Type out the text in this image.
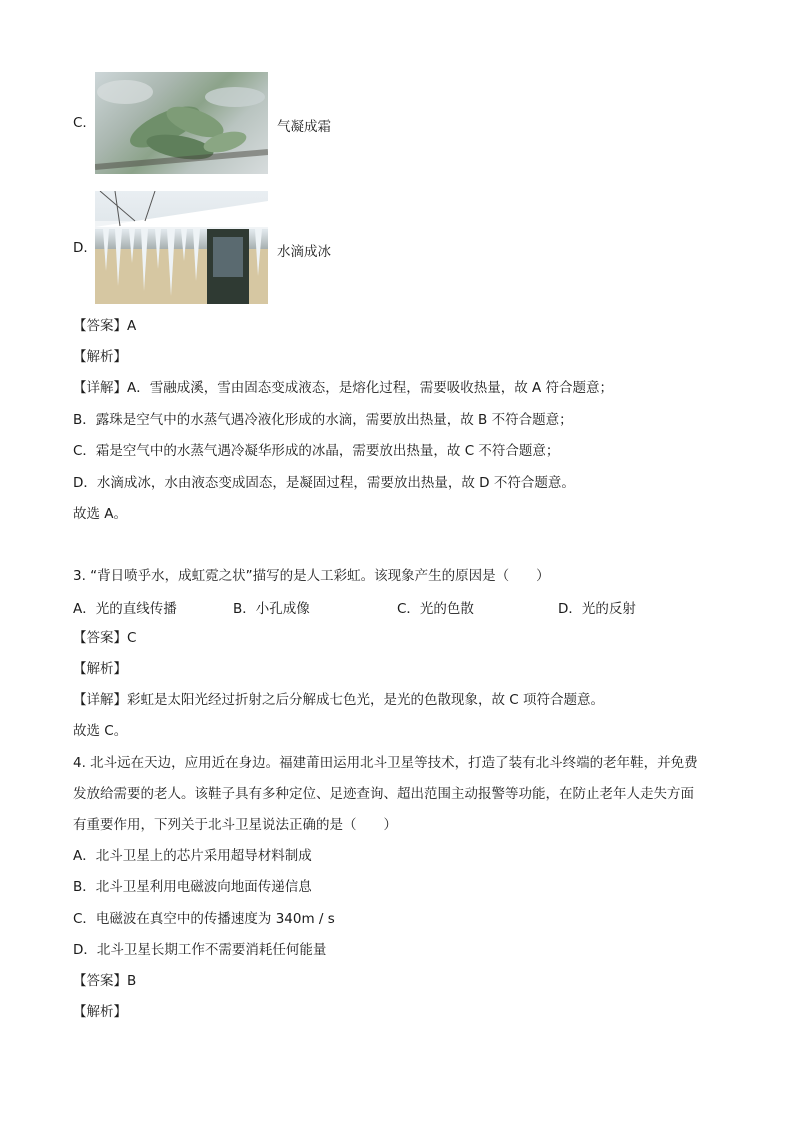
C.	气凝成霜
D.	水滴成冰
【答案】A
【解析】
【详解】A．雪融成溪，雪由固态变成液态，是熔化过程，需要吸收热量，故 A 符合题意；
B．露珠是空气中的水蒸气遇冷液化形成的水滴，需要放出热量，故 B 不符合题意；
C．霜是空气中的水蒸气遇冷凝华形成的冰晶，需要放出热量，故 C 不符合题意；
D．水滴成冰，水由液态变成固态，是凝固过程，需要放出热量，故 D 不符合题意。
故选 A。
3. “背日喷乎水，成虹霓之状”描写的是人工彩虹。该现象产生的原因是（　　）
A．光的直线传播	B．小孔成像	C．光的色散	D．光的反射
【答案】C
【解析】
【详解】彩虹是太阳光经过折射之后分解成七色光，是光的色散现象，故 C 项符合题意。
故选 C。
4. 北斗远在天边，应用近在身边。福建莆田运用北斗卫星等技术，打造了装有北斗终端的老年鞋，并免费
发放给需要的老人。该鞋子具有多种定位、足迹查询、超出范围主动报警等功能，在防止老年人走失方面
有重要作用，下列关于北斗卫星说法正确的是（　　）
A．北斗卫星上的芯片采用超导材料制成
B．北斗卫星利用电磁波向地面传递信息
C．电磁波在真空中的传播速度为 340m / s
D．北斗卫星长期工作不需要消耗任何能量
【答案】B
【解析】
